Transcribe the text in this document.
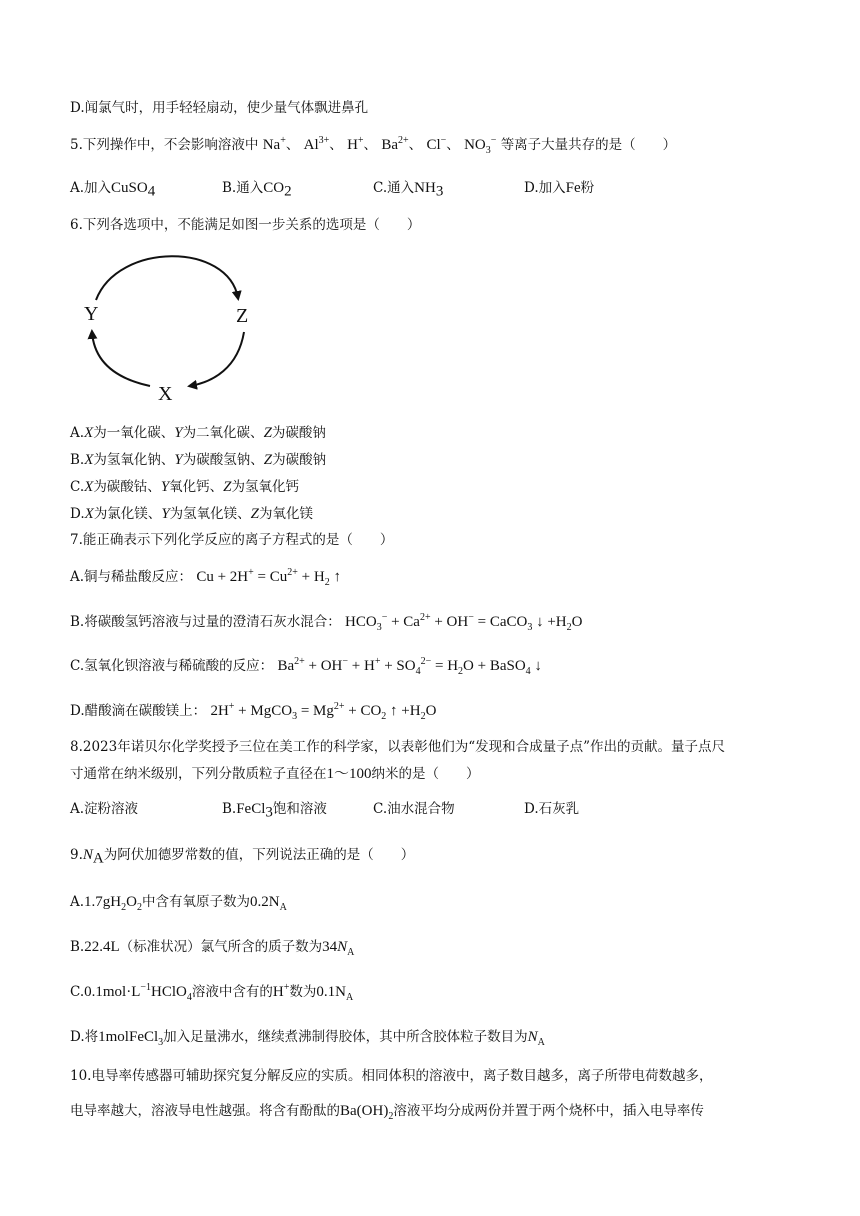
D.闻氯气时，用手轻轻扇动，使少量气体飘进鼻孔
5.下列操作中，不会影响溶液中 Na+、 $Al^{3+}$、 H+、 $Ba^{2+}$、 Cl−、 $NO_3^-$ 等离子大量共存的是（　　）
A.加入CuSO$_4$	B.通入$CO_2$	C.通入$NH_3$	D.加入Fe粉
6.下列各选项中，不能满足如图一步关系的选项是（　　）
Y	Z
X
A.X为一氧化碳、Y为二氧化碳、Z为碳酸钠
B.X为氢氧化钠、Y为碳酸氢钠、Z为碳酸钠
C.X为碳酸钴、Y氧化钙、Z为氢氧化钙
D.X为氯化镁、Y为氢氧化镁、Z为氧化镁
7.能正确表示下列化学反应的离子方程式的是（　　）
A.铜与稀盐酸反应： $Cu + 2H^+ = Cu^{2+} + H_2$ ↑
B.将碳酸氢钙溶液与过量的澄清石灰水混合： $HCO_3^- + Ca^{2+} + OH^-$ = CaCO$_3$ ↓ $+H_2O$
C.氢氧化钡溶液与稀硫酸的反应： $Ba^{2+} + OH^- + H^+ + SO_4^{2-} = H_2O$ + BaSO$_4$ ↓
D.醋酸滴在碳酸镁上： 2H+ + MgCO$_3$ = $Mg^{2+} + CO_2$ ↑ $+H_2O$
8.2023年诺贝尔化学奖授予三位在美工作的科学家，以表彰他们为“发现和合成量子点”作出的贡献。量子点尺
寸通常在纳米级别，下列分散质粒子直径在1～100纳米的是（　　）
A.淀粉溶液	B.FeCl$_3$饱和溶液	C.油水混合物	D.石灰乳
$9.N_A$为阿伏加德罗常数的值，下列说法正确的是（　　）
$A.1.7gH_2O_2$中含有氧原子数为$0.2N_A$
B.22.4L（标准状况）氯气所含的质子数为$34N_A$
$C.0.1mol\cdot L^{-1}HClO_4$溶液中含有的H+数为$0.1N_A$
D.将1molFeCl$_3$加入足量沸水，继续煮沸制得胶体，其中所含胶体粒子数目为$N_A$
10.电导率传感器可辅助探究复分解反应的实质。相同体积的溶液中，离子数目越多，离子所带电荷数越多，
电导率越大，溶液导电性越强。将含有酚酞的$Ba(OH)_2$溶液平均分成两份并置于两个烧杯中，插入电导率传
